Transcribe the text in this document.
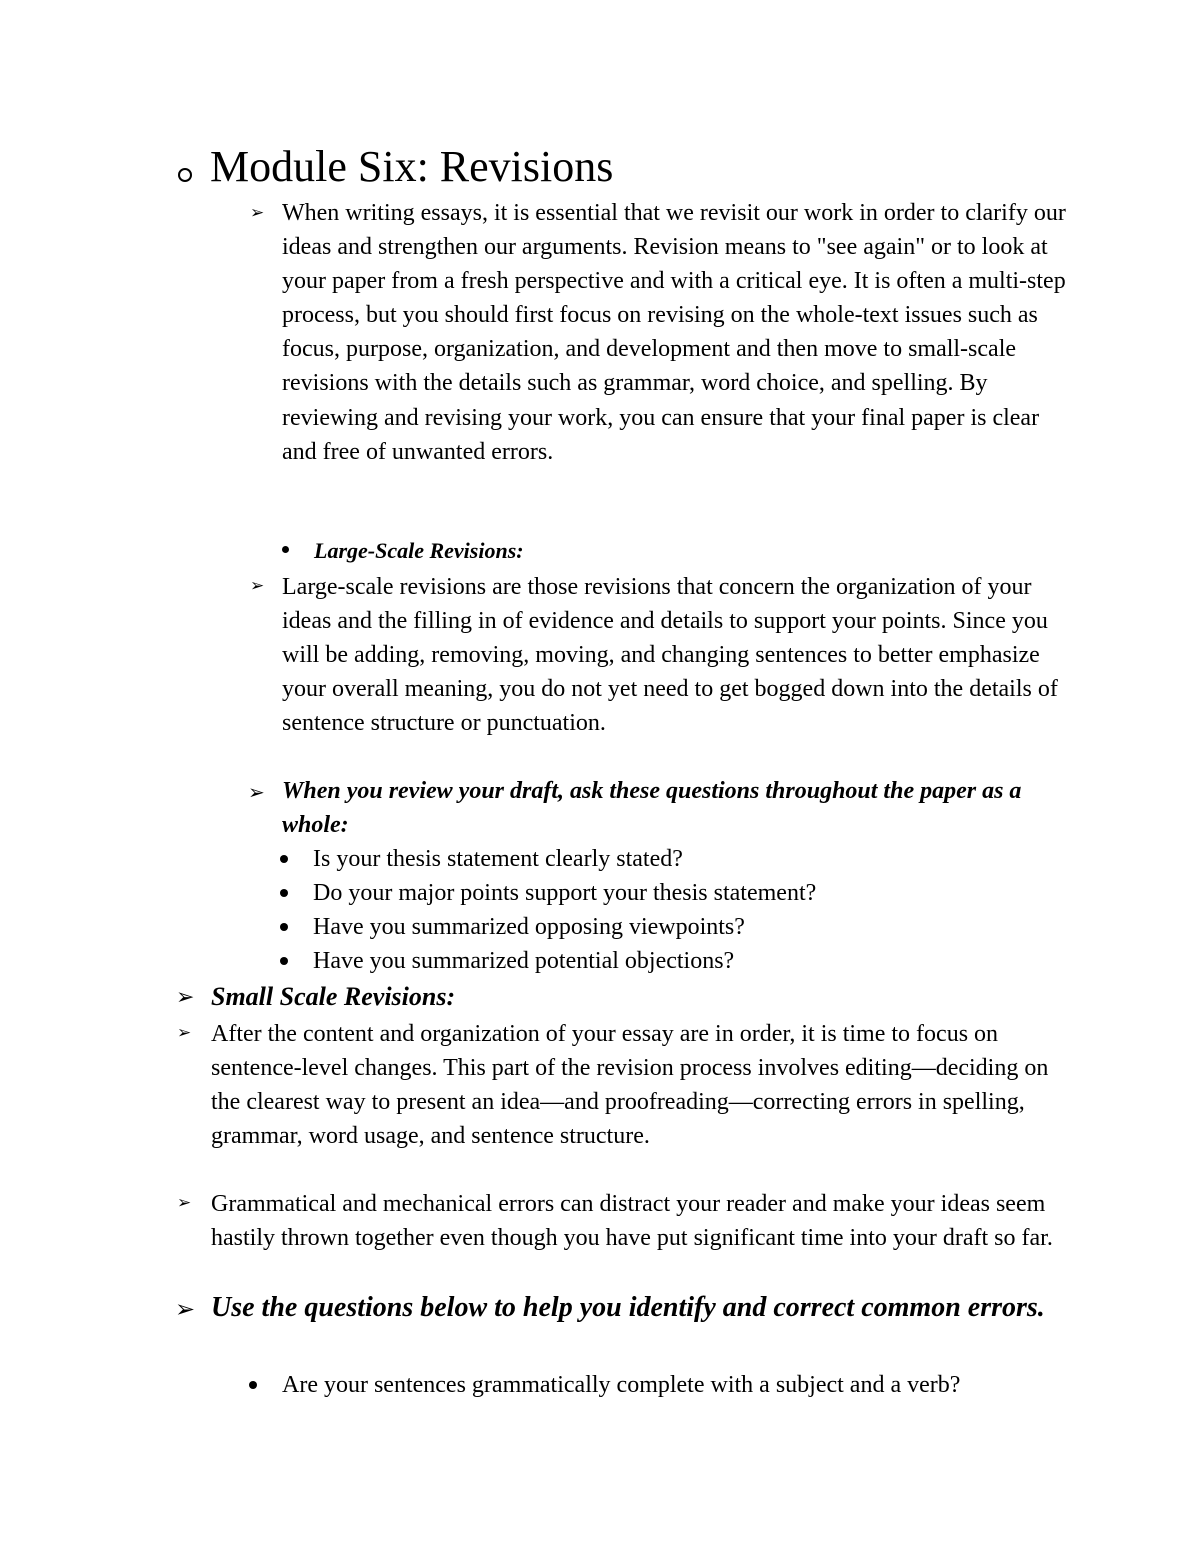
Module Six: Revisions
➢ When writing essays, it is essential that we revisit our work in order to clarify our ideas and strengthen our arguments. Revision means to "see again" or to look at your paper from a fresh perspective and with a critical eye. It is often a multi-step process, but you should first focus on revising on the whole-text issues such as focus, purpose, organization, and development and then move to small-scale revisions with the details such as grammar, word choice, and spelling. By reviewing and revising your work, you can ensure that your final paper is clear and free of unwanted errors.
Large-Scale Revisions:
➢ Large-scale revisions are those revisions that concern the organization of your ideas and the filling in of evidence and details to support your points. Since you will be adding, removing, moving, and changing sentences to better emphasize your overall meaning, you do not yet need to get bogged down into the details of sentence structure or punctuation.
➢ When you review your draft, ask these questions throughout the paper as a whole:
Is your thesis statement clearly stated?
Do your major points support your thesis statement?
Have you summarized opposing viewpoints?
Have you summarized potential objections?
➢ Small Scale Revisions:
➢ After the content and organization of your essay are in order, it is time to focus on sentence-level changes. This part of the revision process involves editing—deciding on the clearest way to present an idea—and proofreading—correcting errors in spelling, grammar, word usage, and sentence structure.
➢ Grammatical and mechanical errors can distract your reader and make your ideas seem hastily thrown together even though you have put significant time into your draft so far.
➢ Use the questions below to help you identify and correct common errors.
Are your sentences grammatically complete with a subject and a verb?
